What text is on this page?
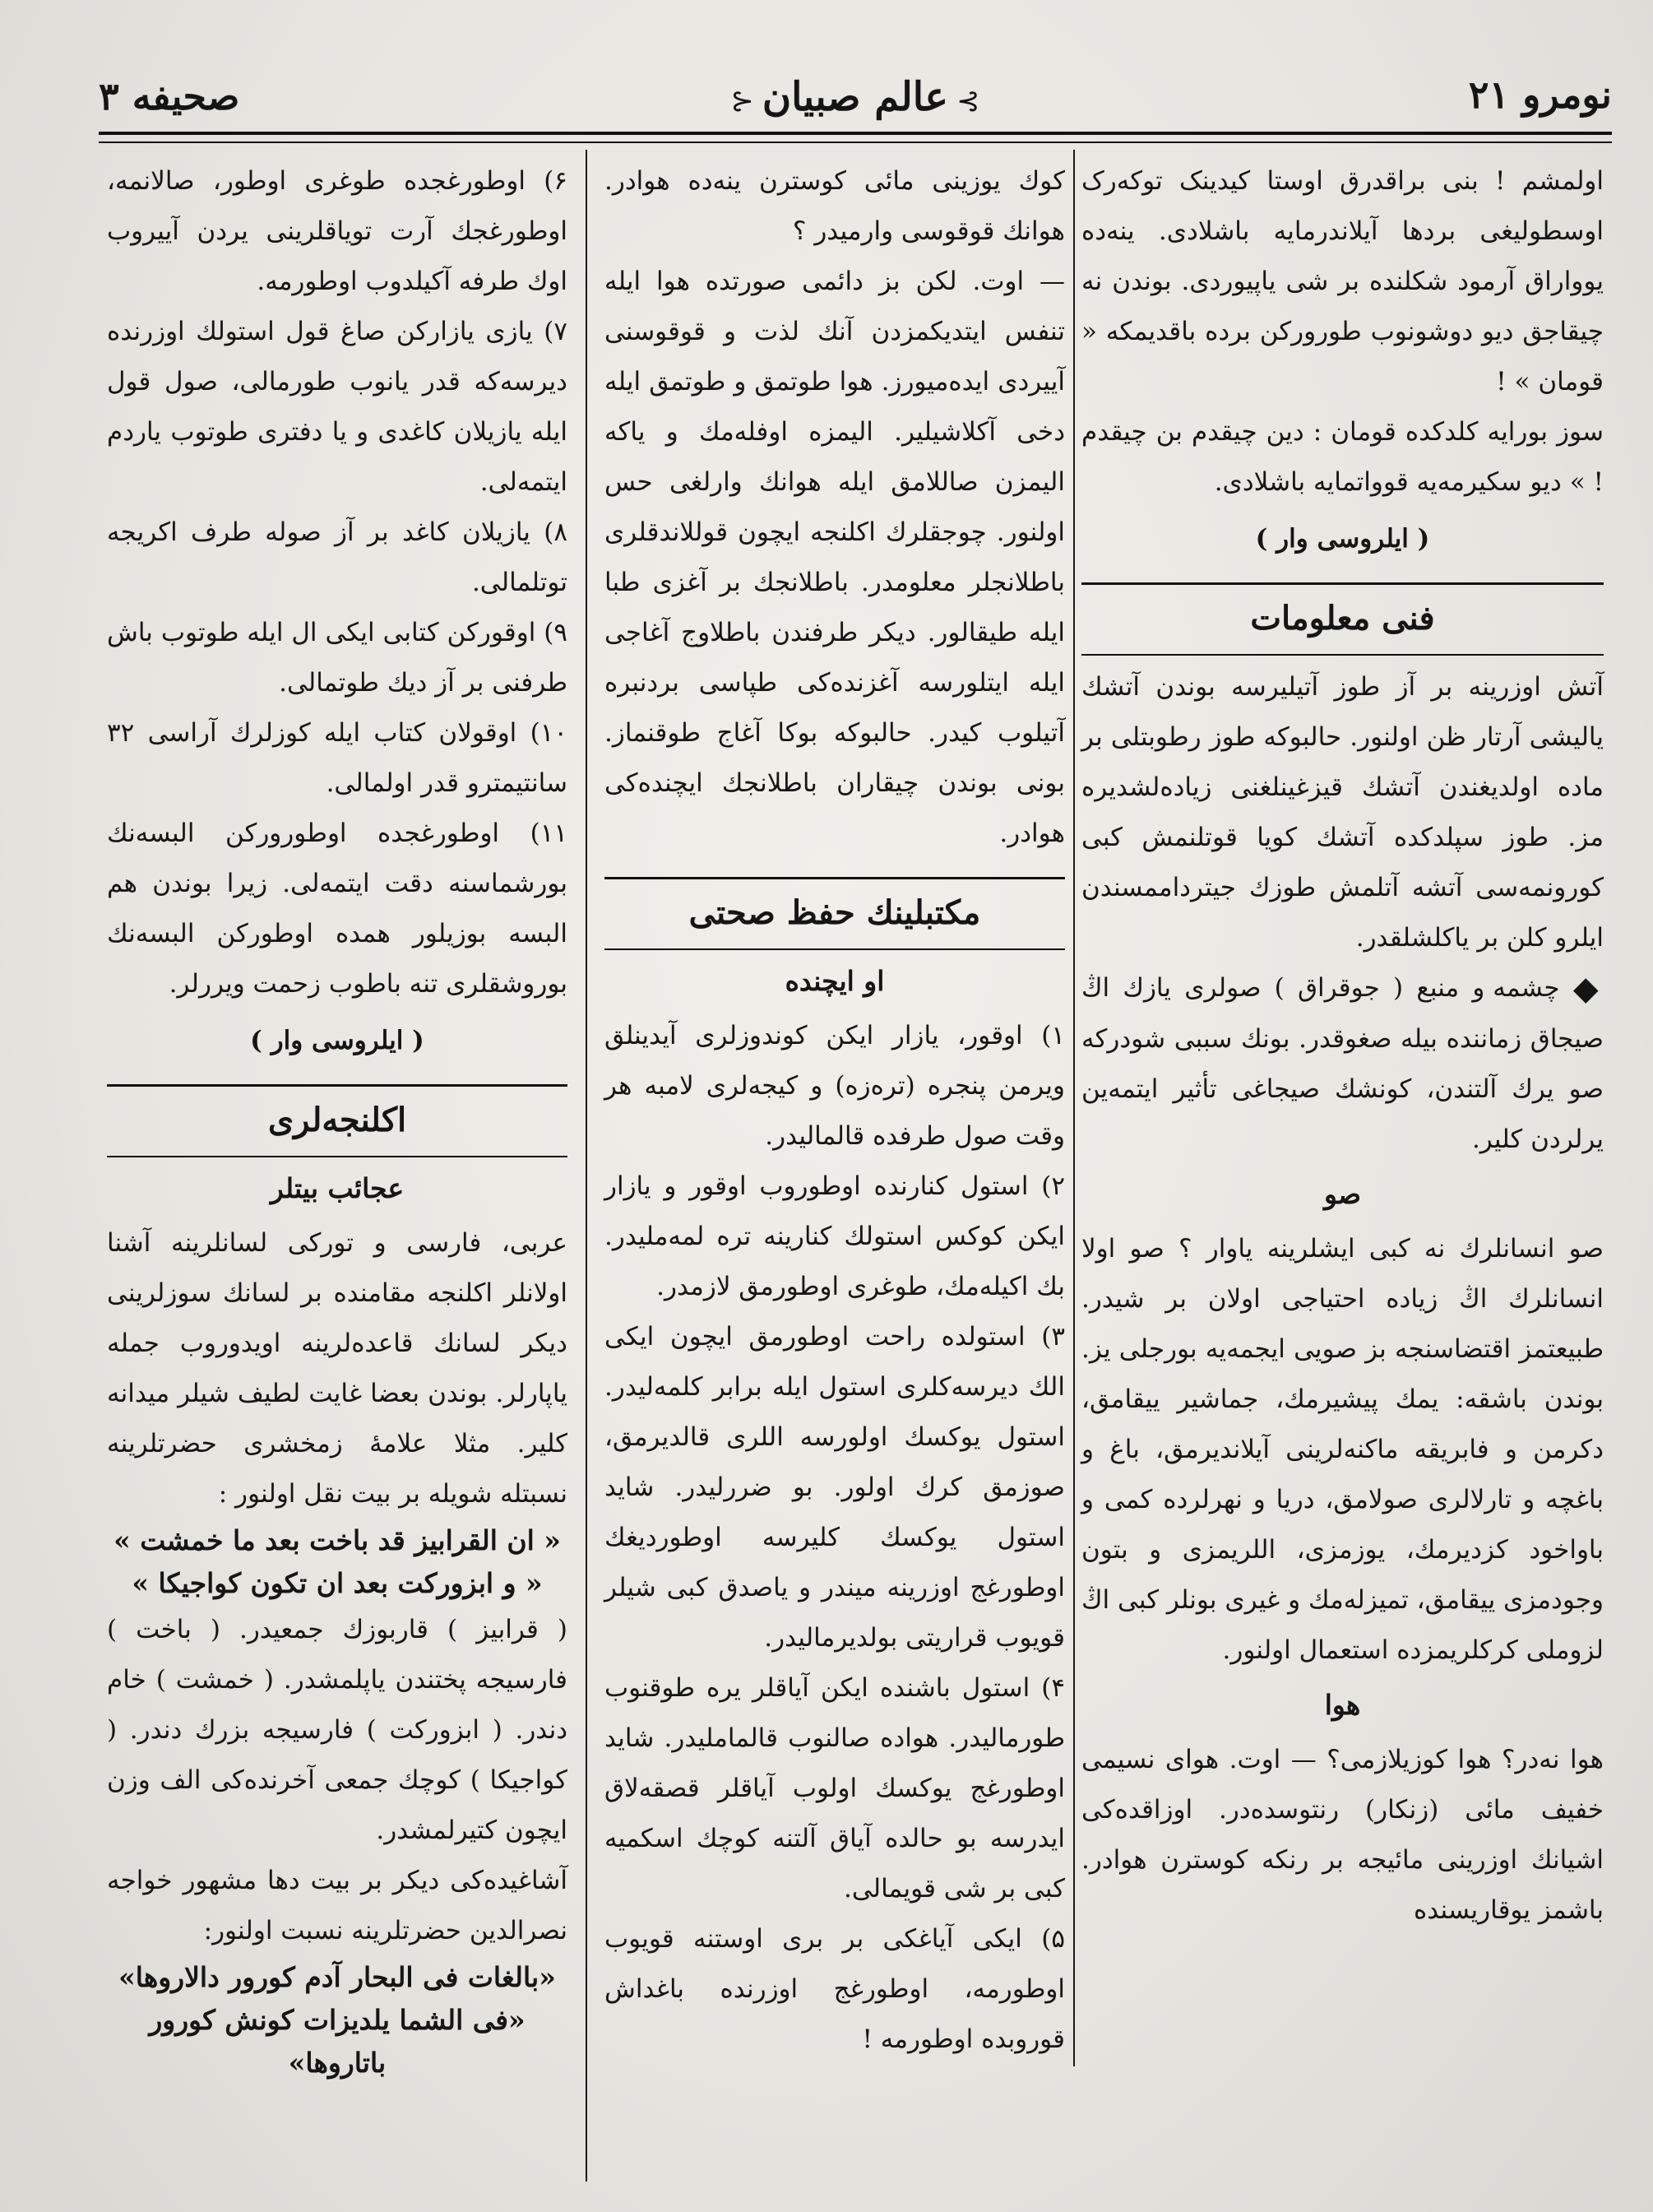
نومرو ۲۱
⊱عالم صبیان⊰
صحیفه ۳

اولمشم ! بنی براقدرق اوستا کیدینک توکەرک اوسطولیغی بردها آیلاندرمایه باشلادی. ینەده یوواراق آرمود شکلنده بر شی یاپیوردی. بوندن نە چیقاجق دیو دوشونوب طورورکن بردە باقدیمکە « قومان » !

سوز بورایە کلدکده قومان : دین چیقدم بن چیقدم ! » دیو سکیرمەیە قوواتمایە باشلادی.

( ایلروسی وار )
فنی معلومات

آتش اوزرینه بر آز طوز آتیلیرسه بوندن آتشك یالیشی آرتار ظن اولنور. حالبوکه طوز رطوبتلی بر ماده اولدیغندن آتشك قیزغینلغنی زیادەلشدیره مز. طوز سپلدکده آتشك کویا قوتلنمش کبی کورونمەسی آتشە آتلمش طوزك جیترداممسندن ایلرو کلن بر یاکلشلقدر.

◆ چشمه و منبع ( جوقراق ) صولری یازك اڭ صیجاق زماننده بیله صغوقدر. بونك سببی شودرکه صو یرك آلتندن، کونشك صیجاغی تأثیر ایتمەین یرلردن کلیر.

صو

صو انسانلرك نە کبی ایشلرینه یاوار ؟ صو اولا انسانلرك اڭ زیاده احتیاجی اولان بر شیدر. طبیعتمز اقتضاسنجه بز صویی ایجمەیە بورجلی یز. بوندن باشقه: یمك پیشیرمك، جماشیر ییقامق، دکرمن و فابریقه ماکنەلرینی آیلاندیرمق، باغ و باغچه و تارلالری صولامق، دریا و نهرلرده کمی و باواخود کزدیرمك، یوزمزی، اللریمزی و بتون وجودمزی ییقامق، تمیزلەمك و غیری بونلر کبی اڭ لزوملی کرکلریمزده استعمال اولنور.

هوا

هوا نەدر؟ هوا کوزیلازمی؟ — اوت. هوای نسیمی خفیف مائی (زنکار) رنتوسدەدر. اوزاقدەکی اشیانك اوزرینی مائیجه بر رنکه کوسترن هوادر. باشمز یوقاریسنده

کوك یوزینی مائی کوسترن ینەده هوادر. هوانك قوقوسی وارمیدر ؟

— اوت. لکن بز دائمی صورتده هوا ایله تنفس ایتدیکمزدن آنك لذت و قوقوسنی آییردی ایدەمیورز. هوا طوتمق و طوتمق ایله دخی آکلاشیلیر. الیمزه اوفلەمك و یاکه الیمزن صاللامق ایله هوانك وارلغی حس اولنور. چوجقلرك اکلنجه ایچون قوللاندقلری باطلانجلر معلومدر. باطلانجك بر آغزی طبا ایله طیقالور. دیکر طرفندن باطلاوج آغاجی ایله ایتلورسه آغزندەکی طپاسی بردنبره آتیلوب کیدر. حالبوکه بوکا آغاج طوقنماز. بونی بوندن چیقاران باطلانجك ایچندەکی هوادر.

مکتبلینك حفظ صحتی
او ایچنده

۱) اوقور، یازار ایکن کوندوزلری آیدینلق ویرمن پنجره (ترەزه) و کیجەلری لامبه هر وقت صول طرفده قالمالیدر.

۲) استول کنارنده اوطوروب اوقور و یازار ایکن کوکس استولك کنارینه تره لمەملیدر. بك اکیلەمك، طوغری اوطورمق لازمدر.

۳) استولده راحت اوطورمق ایچون ایکی الك دیرسەکلری استول ایله برابر کلمەلیدر. استول یوکسك اولورسه اللری قالدیرمق، صوزمق کرك اولور. بو ضررلیدر. شاید استول یوکسك کلیرسه اوطوردیغك اوطورغج اوزرینه میندر و یاصدق کبی شیلر قویوب قراریتی بولدیرمالیدر.

۴) استول باشنده ایکن آیاقلر یره طوقنوب طورمالیدر. هوادە صالنوب قالمامليدر. شاید اوطورغج یوکسك اولوب آیاقلر قصقەلاق ایدرسه بو حالده آیاق آلتنه کوچك اسکمیه کبی بر شی قویمالی.

۵) ایکی آیاغکی بر بری اوستنه قویوب اوطورمه، اوطورغج اوزرنده باغداش قوروبده اوطورمه !

۶) اوطورغجده طوغری اوطور، صالانمه، اوطورغجك آرت تویاقلرینی یردن آییروب اوك طرفه آکیلدوب اوطورمه.

۷) یازی یازارکن صاغ قول استولك اوزرنده دیرسەکه قدر یانوب طورمالی، صول قول ایله یازیلان کاغدی و یا دفتری طوتوب یاردم ایتمەلی.

۸) یازیلان کاغد بر آز صوله طرف اکریجه توتلمالی.

۹) اوقورکن کتابی ایکی ال ایله طوتوب باش طرفنی بر آز دیك طوتمالی.

۱۰) اوقولان کتاب ایله کوزلرك آراسی ۳۲ سانتیمترو قدر اولمالی.

۱۱) اوطورغجده اوطورورکن البسەنك بورشماسنه دقت ایتمەلی. زیرا بوندن هم البسه بوزیلور همده اوطورکن البسەنك بوروشقلری تنه باطوب زحمت ویررلر.

( ایلروسی وار )
اکلنجەلری
عجائب بیتلر

عربی، فارسی و تورکی لسانلرینه آشنا اولانلر اکلنجه مقامنده بر لسانك سوزلرینی دیکر لسانك قاعدەلرینه اویدوروب جمله یاپارلر. بوندن بعضا غایت لطیف شیلر میدانه کلیر. مثلا علامهٔ زمخشری حضرتلرینه نسبتله شویله بر بیت نقل اولنور :

« ان القرابیز قد باخت بعد ما خمشت »
« و ابزورکت بعد ان تکون کواجیکا »

( قرابیز ) قاربوزك جمعیدر. ( باخت ) فارسیجه پختندن یاپلمشدر. ( خمشت ) خام دندر. ( ابزورکت ) فارسیجه بزرك دندر. ( کواجیکا ) کوچك جمعی آخرندەکی الف وزن ایچون کتیرلمشدر.

آشاغیدەکی دیکر بر بیت دها مشهور خواجه نصرالدین حضرتلرینه نسبت اولنور:

«بالغات فی البحار آدم کورور دالاروها»
«فی الشما یلدیزات کونش کورور باتاروها»
